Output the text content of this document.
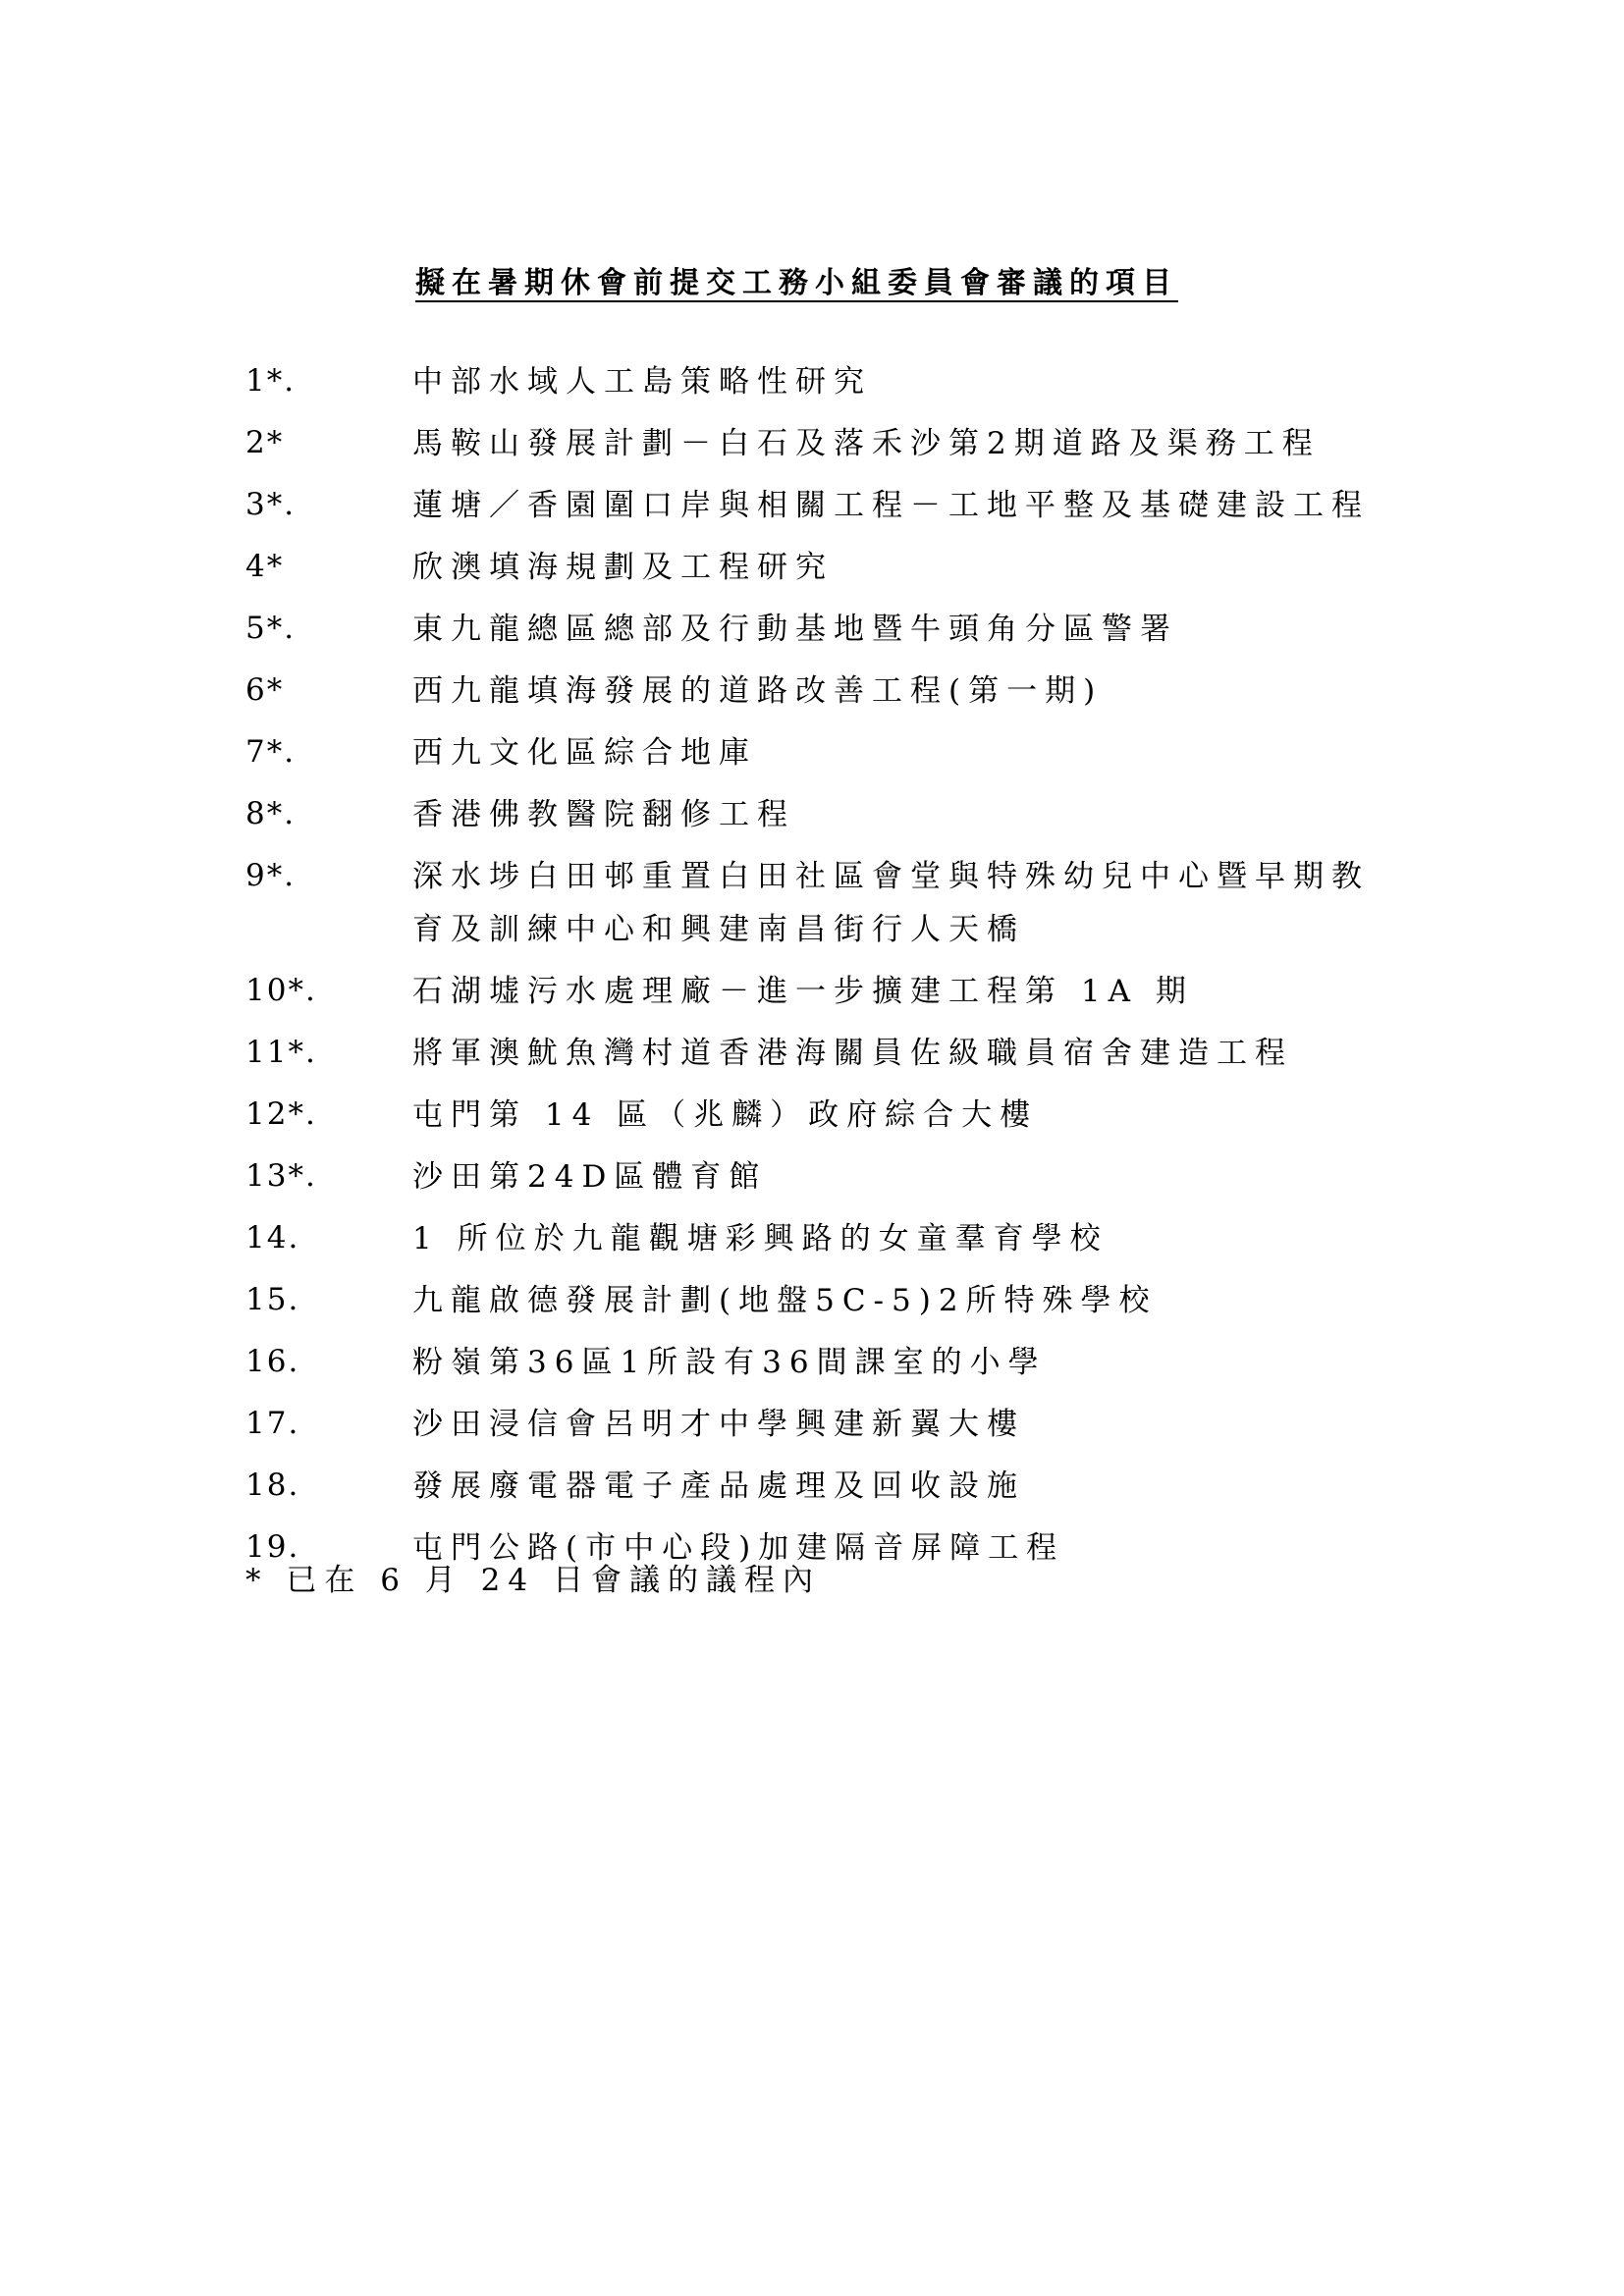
擬在暑期休會前提交工務小組委員會審議的項目
1*.	中部水域人工島策略性研究
2*	馬鞍山發展計劃－白石及落禾沙第2期道路及渠務工程
3*.	蓮塘／香園圍口岸與相關工程－工地平整及基礎建設工程
4*	欣澳填海規劃及工程研究
5*.	東九龍總區總部及行動基地暨牛頭角分區警署
6*	西九龍填海發展的道路改善工程(第一期)
7*.	西九文化區綜合地庫
8*.	香港佛教醫院翻修工程
9*.	深水埗白田邨重置白田社區會堂與特殊幼兒中心暨早期教
育及訓練中心和興建南昌街行人天橋
10*.	石湖墟污水處理廠－進一步擴建工程第 1A 期
11*.	將軍澳魷魚灣村道香港海關員佐級職員宿舍建造工程
12*.	屯門第 14 區（兆麟）政府綜合大樓
13*.	沙田第24D區體育館
14.	1 所位於九龍觀塘彩興路的女童羣育學校
15.	九龍啟德發展計劃(地盤5C-5)2所特殊學校
16.	粉嶺第36區1所設有36間課室的小學
17.	沙田浸信會呂明才中學興建新翼大樓
18.	發展廢電器電子產品處理及回收設施
19.	屯門公路(市中心段)加建隔音屏障工程
* 已在 6 月 24 日會議的議程內
